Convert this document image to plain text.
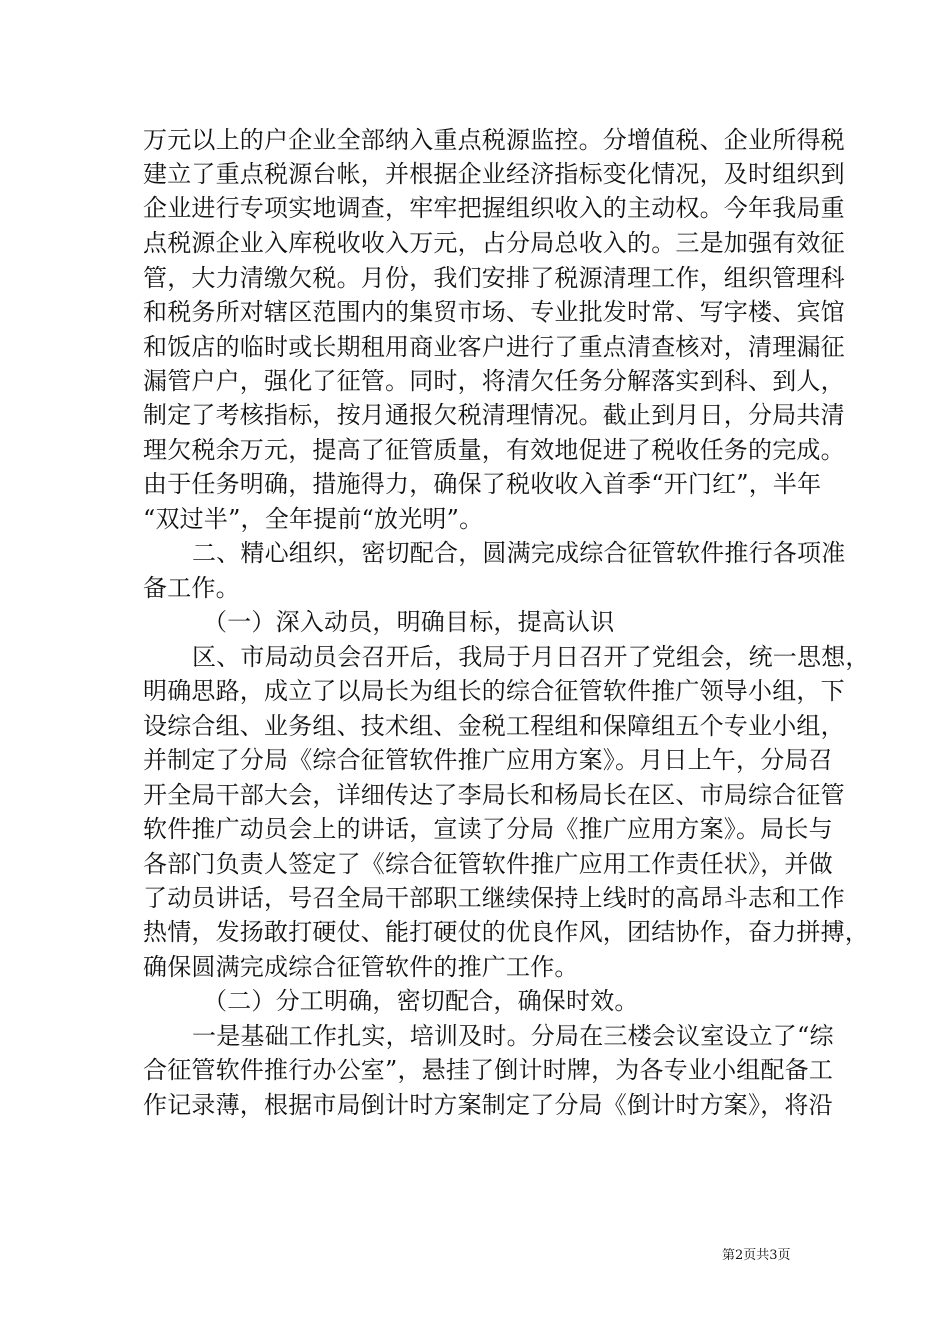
万元以上的户企业全部纳入重点税源监控。分增值税、企业所得税
建立了重点税源台帐，并根据企业经济指标变化情况，及时组织到
企业进行专项实地调查，牢牢把握组织收入的主动权。今年我局重
点税源企业入库税收收入万元，占分局总收入的。三是加强有效征
管，大力清缴欠税。月份，我们安排了税源清理工作，组织管理科
和税务所对辖区范围内的集贸市场、专业批发时常、写字楼、宾馆
和饭店的临时或长期租用商业客户进行了重点清查核对，清理漏征
漏管户户，强化了征管。同时，将清欠任务分解落实到科、到人，
制定了考核指标，按月通报欠税清理情况。截止到月日，分局共清
理欠税余万元，提高了征管质量，有效地促进了税收任务的完成。
由于任务明确，措施得力，确保了税收收入首季“开门红”，半年
“双过半”，全年提前“放光明”。
二、精心组织，密切配合，圆满完成综合征管软件推行各项准
备工作。
（一）深入动员，明确目标，提高认识
区、市局动员会召开后，我局于月日召开了党组会，统一思想，
明确思路，成立了以局长为组长的综合征管软件推广领导小组，下
设综合组、业务组、技术组、金税工程组和保障组五个专业小组，
并制定了分局《综合征管软件推广应用方案》。月日上午，分局召
开全局干部大会，详细传达了李局长和杨局长在区、市局综合征管
软件推广动员会上的讲话，宣读了分局《推广应用方案》。局长与
各部门负责人签定了《综合征管软件推广应用工作责任状》，并做
了动员讲话，号召全局干部职工继续保持上线时的高昂斗志和工作
热情，发扬敢打硬仗、能打硬仗的优良作风，团结协作，奋力拼搏，
确保圆满完成综合征管软件的推广工作。
（二）分工明确，密切配合，确保时效。
一是基础工作扎实，培训及时。分局在三楼会议室设立了“综
合征管软件推行办公室”，悬挂了倒计时牌，为各专业小组配备工
作记录薄，根据市局倒计时方案制定了分局《倒计时方案》，将沿
第2页共3页
